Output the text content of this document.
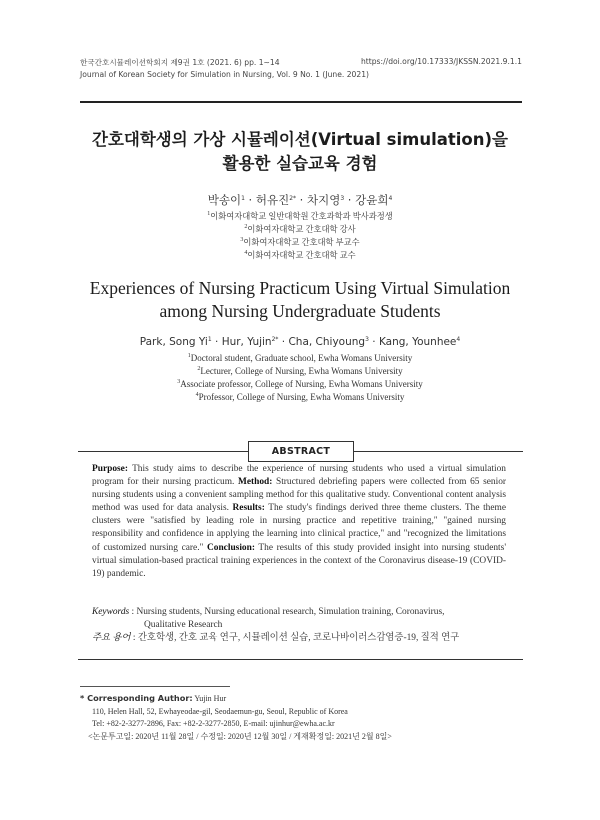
한국간호시뮬레이션학회지 제9권 1호 (2021. 6) pp. 1~14
Journal of Korean Society for Simulation in Nursing, Vol. 9 No. 1 (June. 2021)
https://doi.org/10.17333/JKSSN.2021.9.1.1
간호대학생의 가상 시뮬레이션(Virtual simulation)을
활용한 실습교육 경험
박송이$^1$ · 허유진$^{2*}$ · 차지영$^3$ · 강윤희$^4$
$^1$이화여자대학교 일반대학원 간호과학과 박사과정생
$^2$이화여자대학교 간호대학 강사
$^3$이화여자대학교 간호대학 부교수
$^4$이화여자대학교 간호대학 교수
Experiences of Nursing Practicum Using Virtual Simulation
among Nursing Undergraduate Students
Park, Song $Yi^1$ · Hur, Yujin$^{2*}$ · Cha, Chiyoung$^3$ · Kang, Younhee$^4$
$^1$Doctoral student, Graduate school, Ewha Womans University
$^2$Lecturer, College of Nursing, Ewha Womans University
$^3$Associate professor, College of Nursing, Ewha Womans University
$^4$Professor, College of Nursing, Ewha Womans University
ABSTRACT
Purpose: This study aims to describe the experience of nursing students who used a virtual simulation program for their nursing practicum. Method: Structured debriefing papers were collected from 65 senior nursing students using a convenient sampling method for this qualitative study. Conventional content analysis method was used for data analysis. Results: The study's findings derived three theme clusters. The theme clusters were "satisfied by leading role in nursing practice and repetitive training," "gained nursing responsibility and confidence in applying the learning into clinical practice," and "recognized the limitations of customized nursing care." Conclusion: The results of this study provided insight into nursing students' virtual simulation-based practical training experiences in the context of the Coronavirus disease-19 (COVID-19) pandemic.
Keywords : Nursing students, Nursing educational research, Simulation training, Coronavirus,
Qualitative Research
주요 용어 : 간호학생, 간호 교육 연구, 시뮬레이션 실습, 코로나바이러스감염증-19, 질적 연구
* Corresponding Author: Yujin Hur
110, Helen Hall, 52, Ewhayeodae-gil, Seodaemun-gu, Seoul, Republic of Korea
Tel: +82-2-3277-2896, Fax: +82-2-3277-2850, E-mail: ujinhur@ewha.ac.kr
<논문투고일: 2020년 11월 28일 / 수정일: 2020년 12월 30일 / 게재확정일: 2021년 2월 8일>
